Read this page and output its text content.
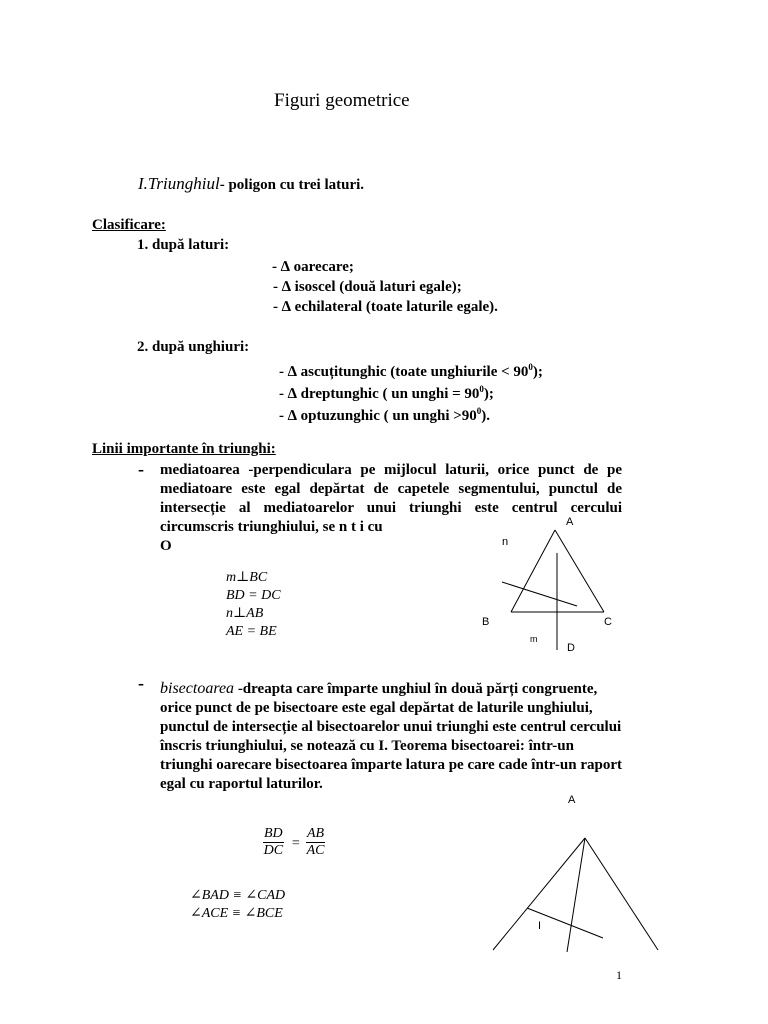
Figuri geometrice
I.Triunghiul- poligon cu trei laturi.
Clasificare:
1. după laturi:
- ∆ oarecare;
- ∆ isoscel (două laturi egale);
- ∆ echilateral (toate laturile egale).
2. după unghiuri:
- ∆ ascuțitunghic (toate unghiurile < $90^0$);
- ∆ dreptunghic ( un unghi = $90^0$);
- ∆ optuzunghic ( un unghi $>90^0$).
Linii importante în triunghi:
- mediatoarea -perpendiculara pe mijlocul laturii, orice punct de pe mediatoare este egal depărtat de capetele segmentului, punctul de intersecție al mediatoarelor unui triunghi este centrul cercului circumscris triunghiului, se n t i cu
O
m⊥BC
BD = DC
n⊥AB
AE = BE
A
n
B	C
m
D
- bisectoarea -dreapta care împarte unghiul în două părți congruente, orice punct de pe bisectoare este egal depărtat de laturile unghiului, punctul de intersecție al bisectoarelor unui triunghi este centrul cercului înscris triunghiului, se notează cu I. Teorema bisectoarei: într-un triunghi oarecare bisectoarea împarte latura pe care cade într-un raport egal cu raportul laturilor.
$\frac{BD}{DC} = \frac{AB}{AC}$
∠BAD ≡ ∠CAD
∠ACE ≡ ∠BCE
A
I
1
